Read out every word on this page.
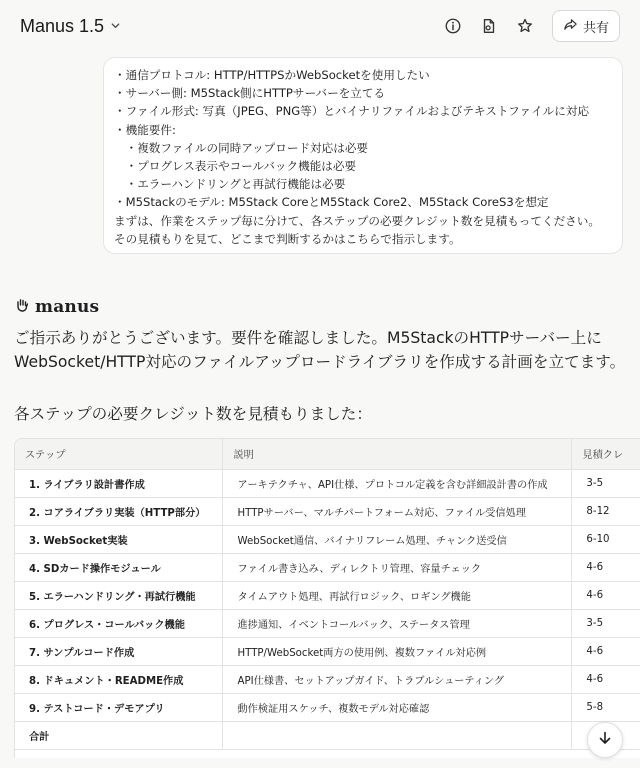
Manus 1.5	共有

・通信プロトコル: HTTP/HTTPSかWebSocketを使用したい

・サーバー側: M5Stack側にHTTPサーバーを立てる

・ファイル形式: 写真（JPEG、PNG等）とバイナリファイルおよびテキストファイルに対応

・機能要件:

　・複数ファイルの同時アップロード対応は必要

　・プログレス表示やコールバック機能は必要

　・エラーハンドリングと再試行機能は必要

・M5Stackのモデル: M5Stack CoreとM5Stack Core2、M5Stack CoreS3を想定

まずは、作業をステップ毎に分けて、各ステップの必要クレジット数を見積もってください。

その見積もりを見て、どこまで判断するかはこちらで指示します。

manus
ご指示ありがとうございます。要件を確認しました。M5StackのHTTPサーバー上にWebSocket/HTTP対応のファイルアップロードライブラリを作成する計画を立てます。
各ステップの必要クレジット数を見積もりました：
ステップ	説明	見積クレ
1. ライブラリ設計書作成	アーキテクチャ、API仕様、プロトコル定義を含む詳細設計書の作成	3-5
2. コアライブラリ実装（HTTP部分）	HTTPサーバー、マルチパートフォーム対応、ファイル受信処理	8-12
3. WebSocket実装	WebSocket通信、バイナリフレーム処理、チャンク送受信	6-10
4. SDカード操作モジュール	ファイル書き込み、ディレクトリ管理、容量チェック	4-6
5. エラーハンドリング・再試行機能	タイムアウト処理、再試行ロジック、ロギング機能	4-6
6. プログレス・コールバック機能	進捗通知、イベントコールバック、ステータス管理	3-5
7. サンプルコード作成	HTTP/WebSocket両方の使用例、複数ファイル対応例	4-6
8. ドキュメント・README作成	API仕様書、セットアップガイド、トラブルシューティング	4-6
9. テストコード・デモアプリ	動作検証用スケッチ、複数モデル対応確認	5-8
合計		
